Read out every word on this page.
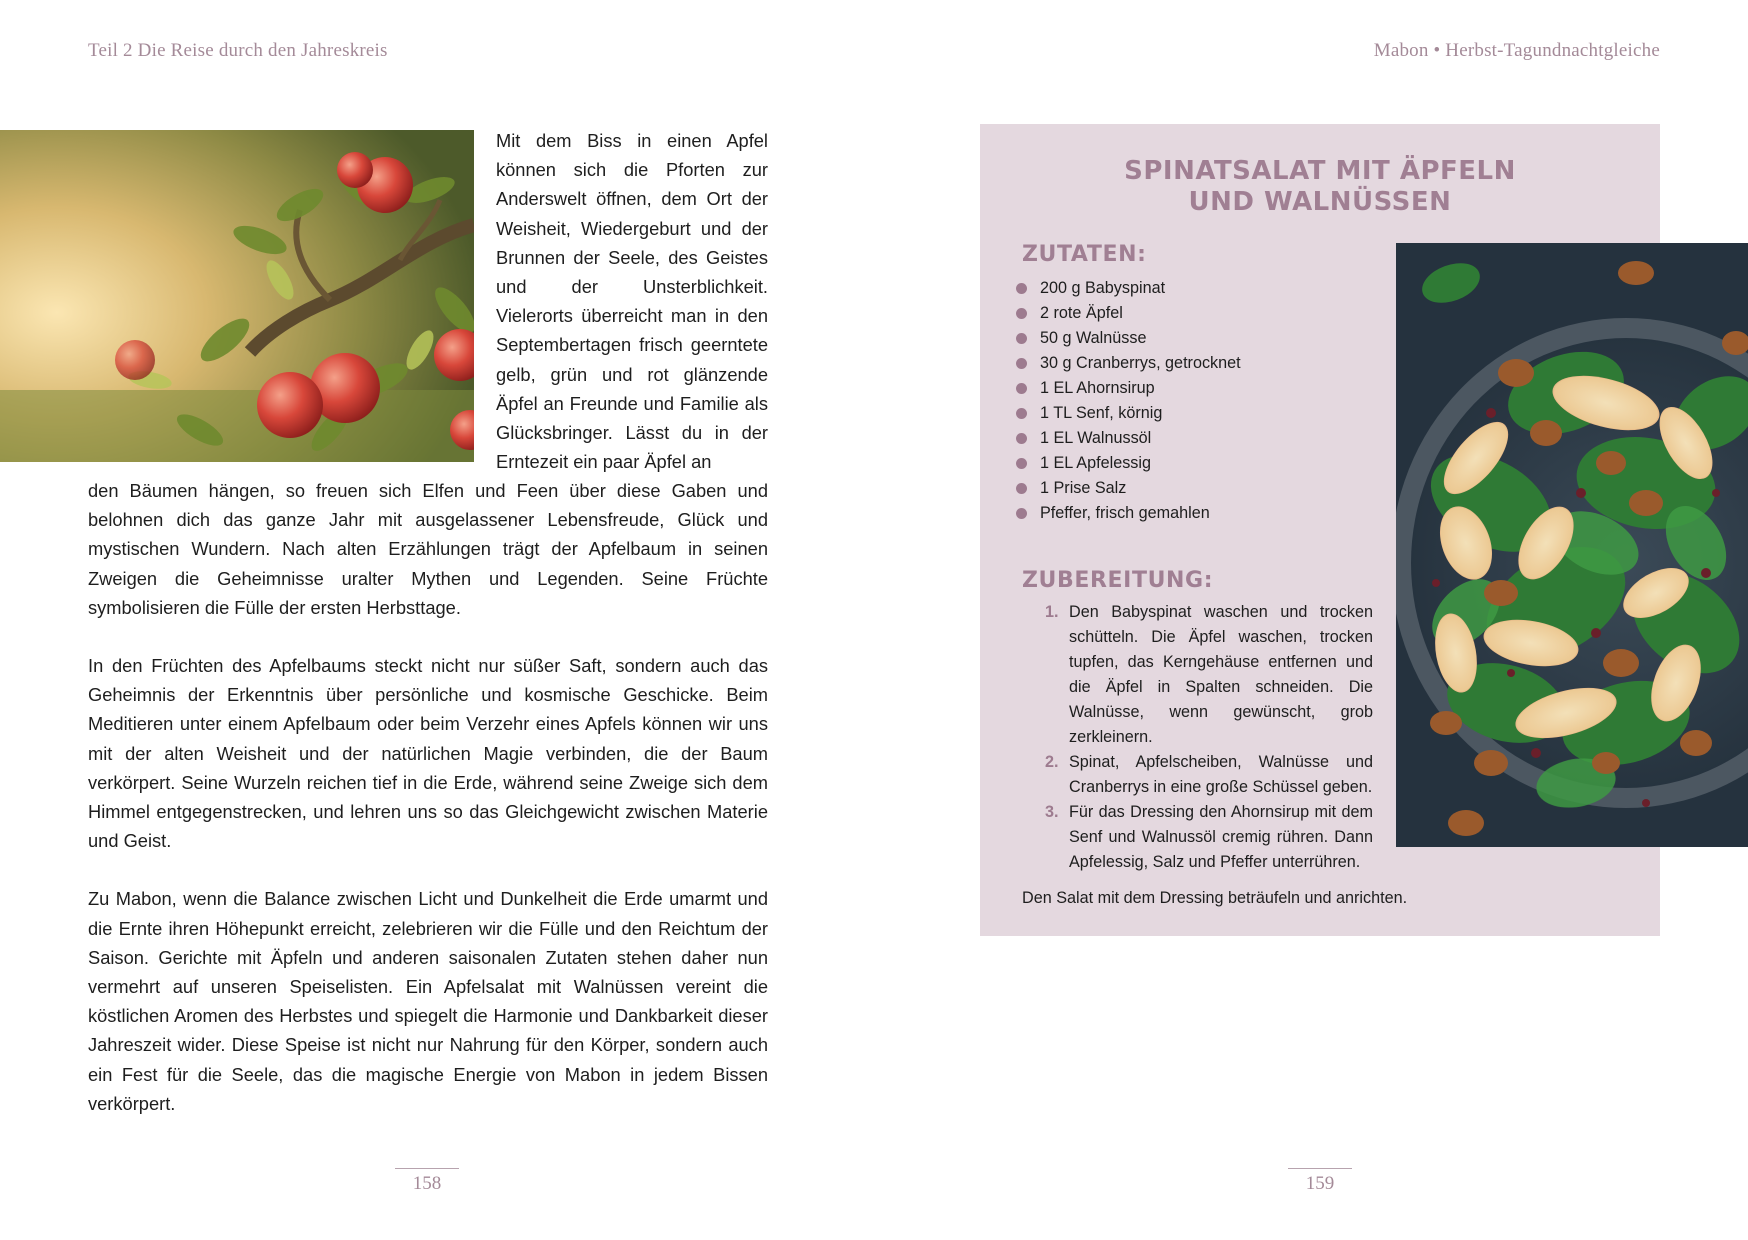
Teil 2 Die Reise durch den Jahreskreis	Mabon • Herbst-Tagundnachtgleiche

Mit dem Biss in einen Apfel können sich die Pforten zur Anderswelt öffnen, dem Ort der Weisheit, Wiedergeburt und der Brunnen der Seele, des Geistes und der Unsterblichkeit. Vielerorts überreicht man in den Septembertagen frisch geerntete gelb, grün und rot glänzende Äpfel an Freunde und Familie als Glücksbringer. Lässt du in der Erntezeit ein paar Äpfel an

den Bäumen hängen, so freuen sich Elfen und Feen über diese Gaben und belohnen dich das ganze Jahr mit ausgelassener Lebensfreude, Glück und mystischen Wundern. Nach alten Erzählungen trägt der Apfelbaum in seinen Zweigen die Geheimnisse uralter Mythen und Legenden. Seine Früchte symbolisieren die Fülle der ersten Herbsttage.

In den Früchten des Apfelbaums steckt nicht nur süßer Saft, sondern auch das Geheimnis der Erkenntnis über persönliche und kosmische Geschicke. Beim Meditieren unter einem Apfelbaum oder beim Verzehr eines Apfels können wir uns mit der alten Weisheit und der natürlichen Magie verbinden, die der Baum verkörpert. Seine Wurzeln reichen tief in die Erde, während seine Zweige sich dem Himmel entgegenstrecken, und lehren uns so das Gleichgewicht zwischen Materie und Geist.

Zu Mabon, wenn die Balance zwischen Licht und Dunkelheit die Erde umarmt und die Ernte ihren Höhepunkt erreicht, zelebrieren wir die Fülle und den Reichtum der Saison. Gerichte mit Äpfeln und anderen saisonalen Zutaten stehen daher nun vermehrt auf unseren Speiselisten. Ein Apfelsalat mit Walnüssen vereint die köstlichen Aromen des Herbstes und spiegelt die Harmonie und Dankbarkeit dieser Jahreszeit wider. Diese Speise ist nicht nur Nahrung für den Körper, sondern auch ein Fest für die Seele, das die magische Energie von Mabon in jedem Bissen verkörpert.

158
SPINATSALAT MIT ÄPFELN
UND WALNÜSSEN
ZUTATEN:
200 g Babyspinat
2 rote Äpfel
50 g Walnüsse
30 g Cranberrys, getrocknet
1 EL Ahornsirup
1 TL Senf, körnig
1 EL Walnussöl
1 EL Apfelessig
1 Prise Salz
Pfeffer, frisch gemahlen
ZUBEREITUNG:
1. Den Babyspinat waschen und trocken schütteln. Die Äpfel waschen, trocken tupfen, das Kerngehäuse entfernen und die Äpfel in Spalten schneiden. Die Walnüsse, wenn gewünscht, grob zerkleinern.
2. Spinat, Apfelscheiben, Walnüsse und Cranberrys in eine große Schüssel geben.
3. Für das Dressing den Ahornsirup mit dem Senf und Walnussöl cremig rühren. Dann Apfelessig, Salz und Pfeffer unterrühren.

Den Salat mit dem Dressing beträufeln und anrichten.

159
